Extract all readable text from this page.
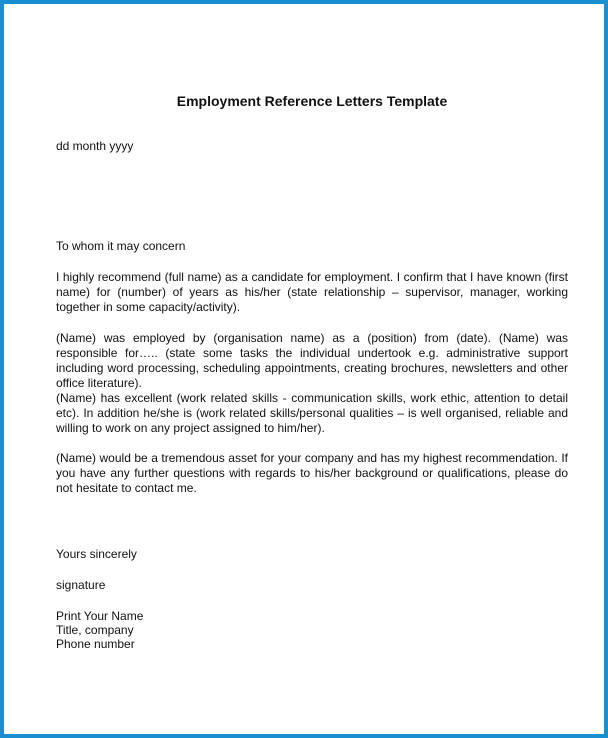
Employment Reference Letters Template
dd month yyyy
To whom it may concern
I highly recommend (full name) as a candidate for employment. I confirm that I have known (first name) for (number) of years as his/her (state relationship – supervisor, manager, working together in some capacity/activity).
(Name) was employed by (organisation name) as a (position) from (date). (Name) was responsible for….. (state some tasks the individual undertook e.g. administrative support including word processing, scheduling appointments, creating brochures, newsletters and other office literature).
(Name) has excellent (work related skills - communication skills, work ethic, attention to detail etc). In addition he/she is (work related skills/personal qualities – is well organised, reliable and willing to work on any project assigned to him/her).
(Name) would be a tremendous asset for your company and has my highest recommendation. If you have any further questions with regards to his/her background or qualifications, please do not hesitate to contact me.
Yours sincerely
signature
Print Your Name
Title, company
Phone number
